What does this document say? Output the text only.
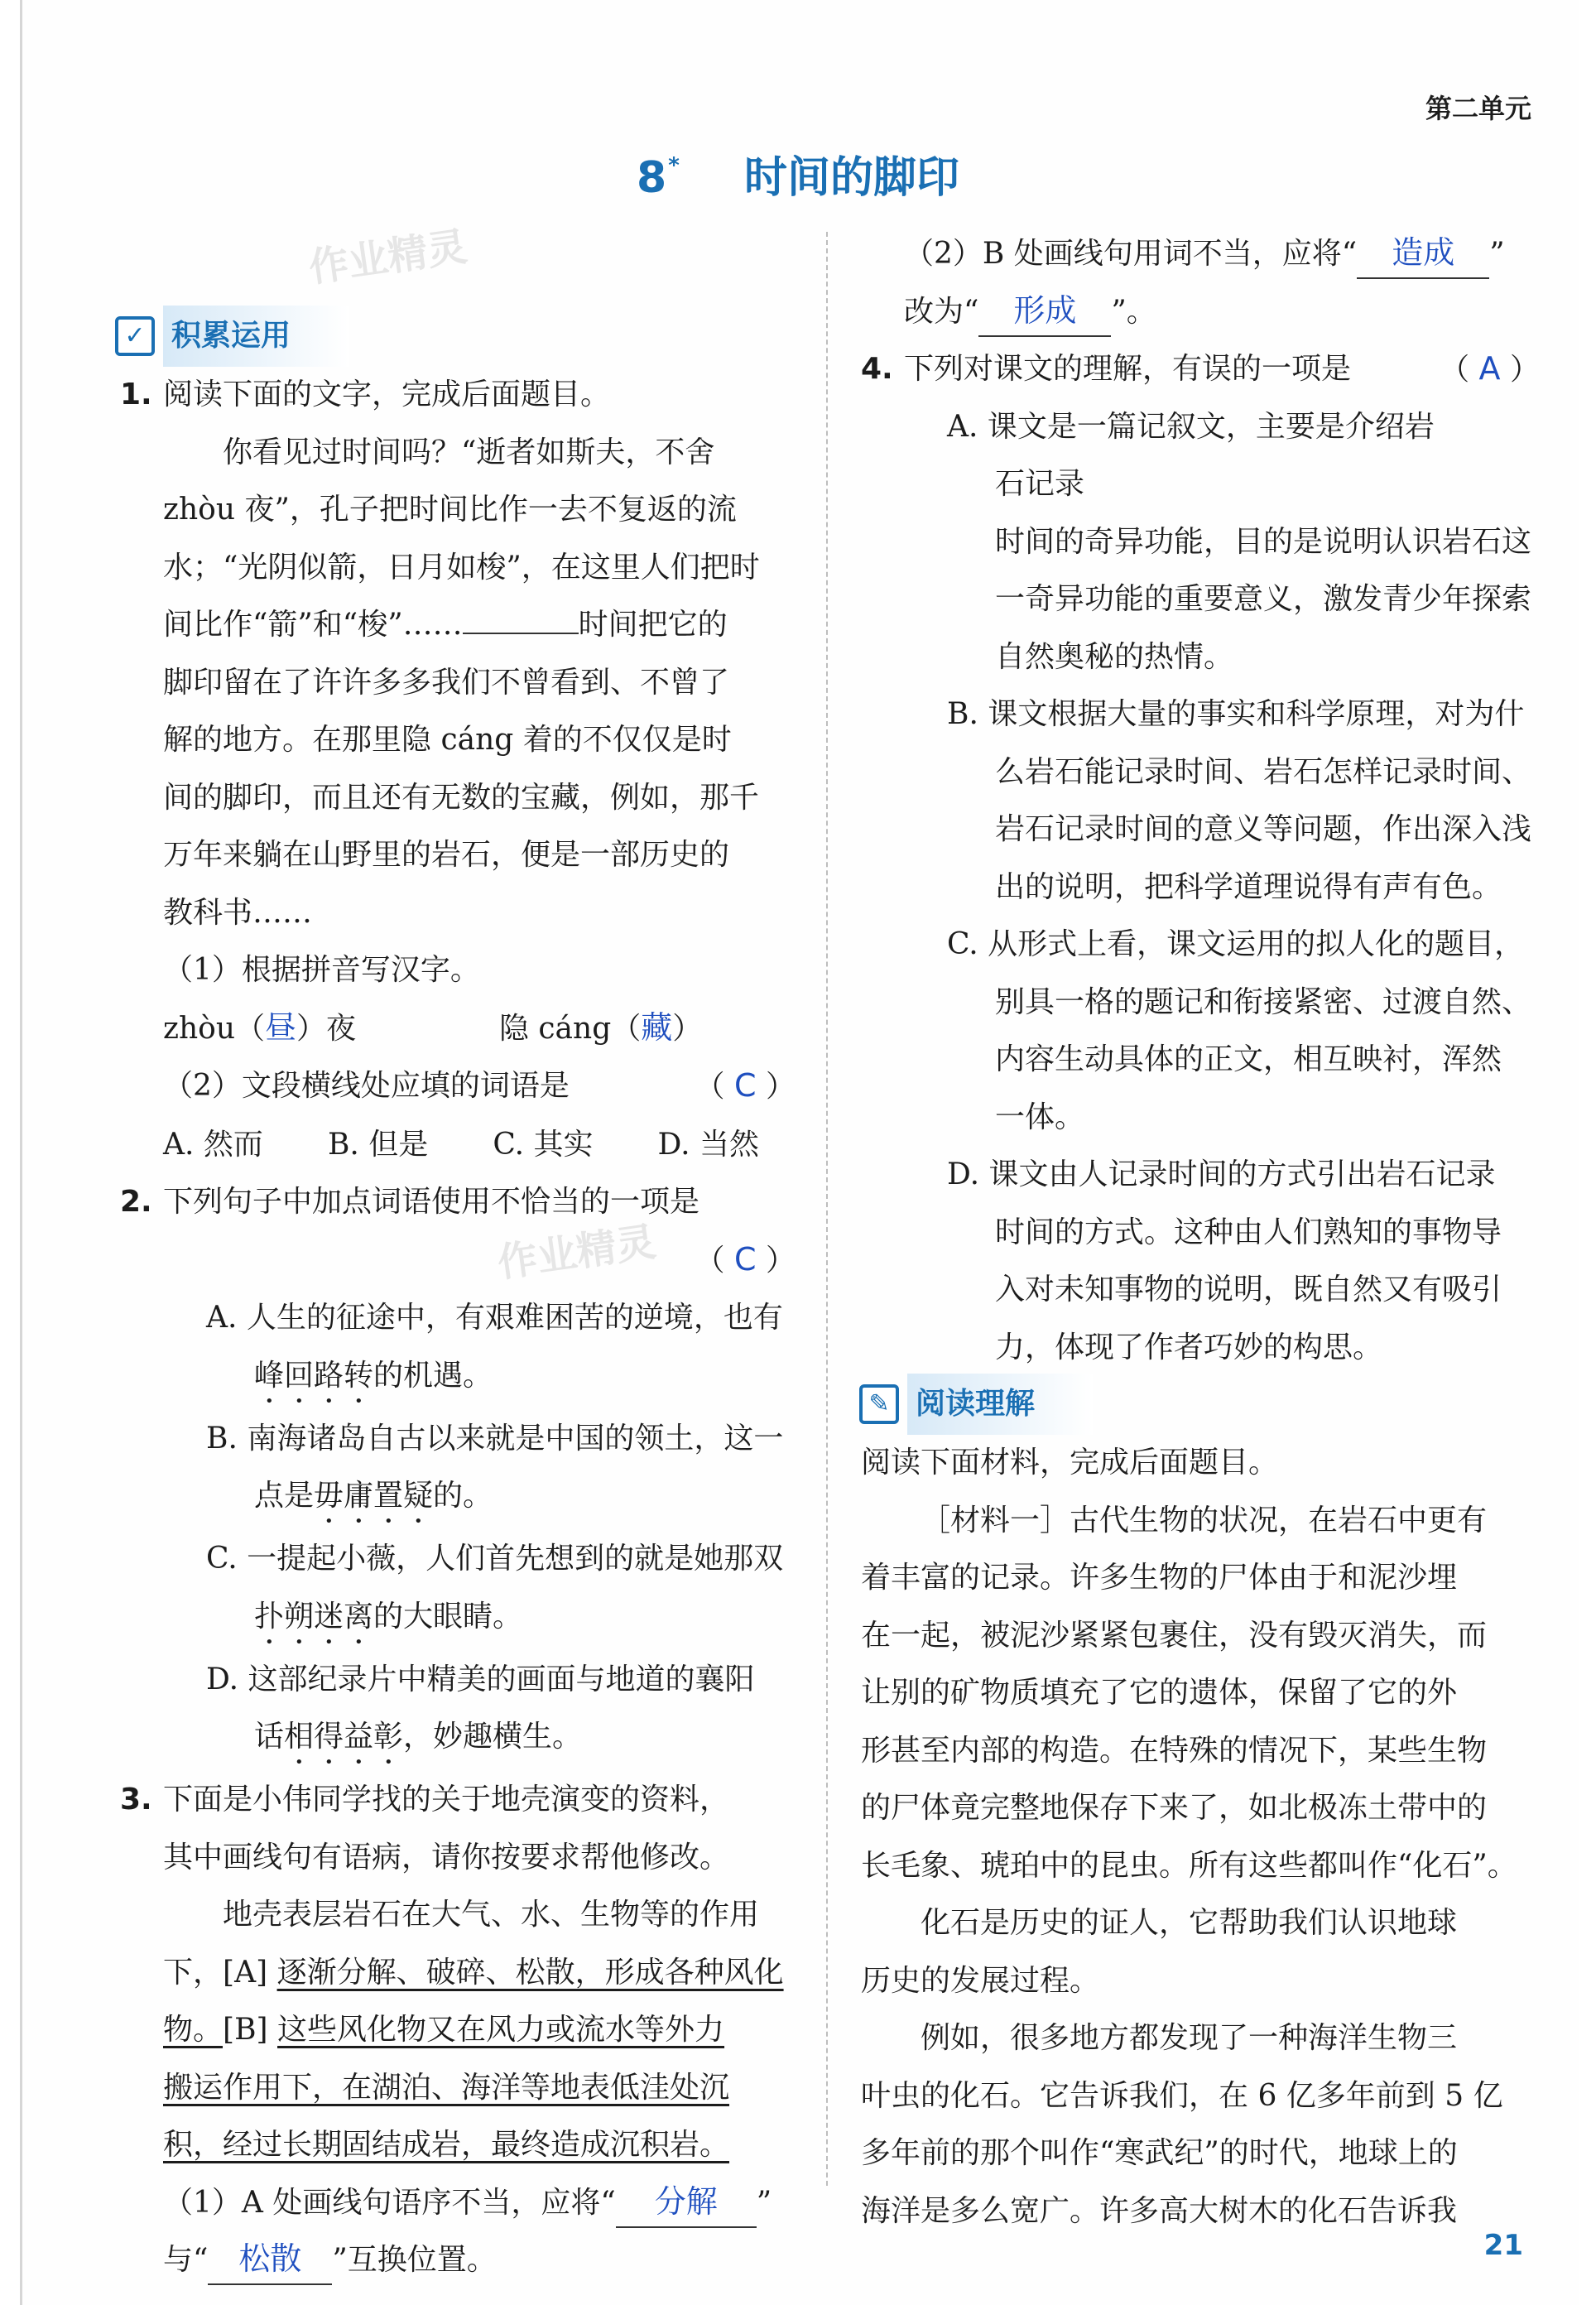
第二单元
8* 时间的脚印
作业精灵
作业精灵
✓ 积累运用

1. 阅读下面的文字，完成后面题目。

你看见过时间吗？“逝者如斯夫，不舍

zhòu 夜”，孔子把时间比作一去不复返的流

水；“光阴似箭，日月如梭”，在这里人们把时

间比作“箭”和“梭”……	时间把它的

脚印留在了许许多多我们不曾看到、不曾了

解的地方。在那里隐 cáng 着的不仅仅是时

间的脚印，而且还有无数的宝藏，例如，那千

万年来躺在山野里的岩石，便是一部历史的

教科书……

（1）根据拼音写汉字。

zhòu（昼）夜	隐 cáng（藏）

（2）文段横线处应填的词语是	（ C ）

A. 然而 B. 但是 C. 其实 D. 当然

2. 下列句子中加点词语使用不恰当的一项是

（ C ）

A. 人生的征途中，有艰难困苦的逆境，也有
峰回路转的机遇。

B. 南海诸岛自古以来就是中国的领土，这一
点是毋庸置疑的。

C. 一提起小薇，人们首先想到的就是她那双
扑朔迷离的大眼睛。

D. 这部纪录片中精美的画面与地道的襄阳
话相得益彰，妙趣横生。

3. 下面是小伟同学找的关于地壳演变的资料，

其中画线句有语病，请你按要求帮他修改。

地壳表层岩石在大气、水、生物等的作用

下，[A] 逐渐分解、破碎、松散，形成各种风化

物。[B] 这些风化物又在风力或流水等外力

搬运作用下，在湖泊、海洋等地表低洼处沉

积，经过长期固结成岩，最终造成沉积岩。

（1）A 处画线句语序不当，应将“ 分解 ”

与“ 松散 ”互换位置。

（2）B 处画线句用词不当，应将“ 造成 ”

改为“ 形成 ”。

4. 下列对课文的理解，有误的一项是	（ A ）

A. 课文是一篇记叙文，主要是介绍岩石记录
时间的奇异功能，目的是说明认识岩石这
一奇异功能的重要意义，激发青少年探索
自然奥秘的热情。

B. 课文根据大量的事实和科学原理，对为什
么岩石能记录时间、岩石怎样记录时间、
岩石记录时间的意义等问题，作出深入浅
出的说明，把科学道理说得有声有色。

C. 从形式上看，课文运用的拟人化的题目，
别具一格的题记和衔接紧密、过渡自然、
内容生动具体的正文，相互映衬，浑然
一体。

D. 课文由人记录时间的方式引出岩石记录
时间的方式。这种由人们熟知的事物导
入对未知事物的说明，既自然又有吸引
力，体现了作者巧妙的构思。

✎ 阅读理解

阅读下面材料，完成后面题目。

［材料一］古代生物的状况，在岩石中更有

着丰富的记录。许多生物的尸体由于和泥沙埋

在一起，被泥沙紧紧包裹住，没有毁灭消失，而

让别的矿物质填充了它的遗体，保留了它的外

形甚至内部的构造。在特殊的情况下，某些生物

的尸体竟完整地保存下来了，如北极冻土带中的

长毛象、琥珀中的昆虫。所有这些都叫作“化石”。

化石是历史的证人，它帮助我们认识地球

历史的发展过程。

例如，很多地方都发现了一种海洋生物三

叶虫的化石。它告诉我们，在 6 亿多年前到 5 亿

多年前的那个叫作“寒武纪”的时代，地球上的

海洋是多么宽广。许多高大树木的化石告诉我

21
